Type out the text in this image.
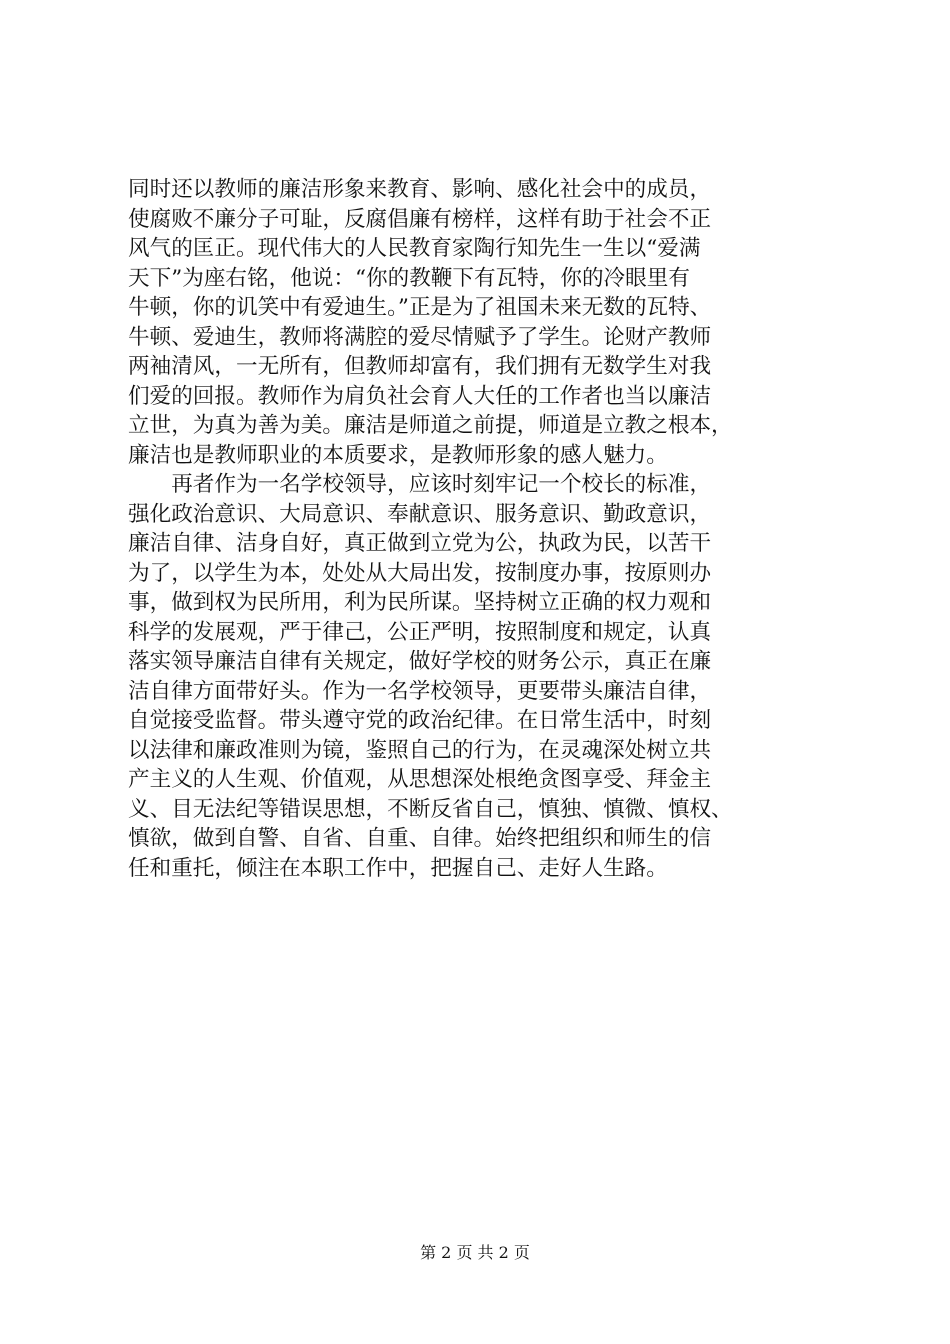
同时还以教师的廉洁形象来教育、影响、感化社会中的成员，
使腐败不廉分子可耻，反腐倡廉有榜样，这样有助于社会不正
风气的匡正。现代伟大的人民教育家陶行知先生一生以“爱满
天下”为座右铭，他说：“你的教鞭下有瓦特，你的冷眼里有
牛顿，你的讥笑中有爱迪生。”正是为了祖国未来无数的瓦特、
牛顿、爱迪生，教师将满腔的爱尽情赋予了学生。论财产教师
两袖清风，一无所有，但教师却富有，我们拥有无数学生对我
们爱的回报。教师作为肩负社会育人大任的工作者也当以廉洁
立世，为真为善为美。廉洁是师道之前提，师道是立教之根本，
廉洁也是教师职业的本质要求，是教师形象的感人魅力。
　　再者作为一名学校领导，应该时刻牢记一个校长的标准，
强化政治意识、大局意识、奉献意识、服务意识、勤政意识，
廉洁自律、洁身自好，真正做到立党为公，执政为民，以苦干
为了，以学生为本，处处从大局出发，按制度办事，按原则办
事，做到权为民所用，利为民所谋。坚持树立正确的权力观和
科学的发展观，严于律己，公正严明，按照制度和规定，认真
落实领导廉洁自律有关规定，做好学校的财务公示，真正在廉
洁自律方面带好头。作为一名学校领导，更要带头廉洁自律，
自觉接受监督。带头遵守党的政治纪律。在日常生活中，时刻
以法律和廉政准则为镜，鉴照自己的行为，在灵魂深处树立共
产主义的人生观、价值观，从思想深处根绝贪图享受、拜金主
义、目无法纪等错误思想，不断反省自己，慎独、慎微、慎权、
慎欲，做到自警、自省、自重、自律。始终把组织和师生的信
任和重托，倾注在本职工作中，把握自己、走好人生路。
第 2 页 共 2 页
